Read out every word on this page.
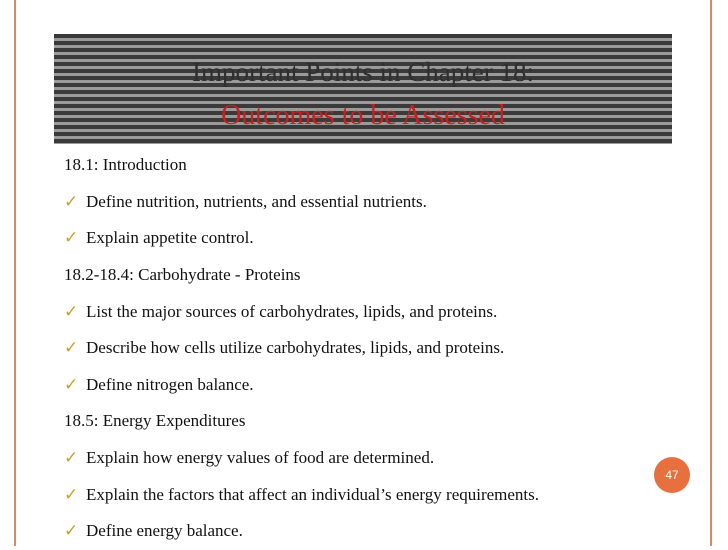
Important Points in Chapter 18:
Outcomes to be Assessed
18.1: Introduction
✓ Define nutrition, nutrients, and essential nutrients.
✓ Explain appetite control.
18.2-18.4: Carbohydrate - Proteins
✓ List the major sources of carbohydrates, lipids, and proteins.
✓ Describe how cells utilize carbohydrates, lipids, and proteins.
✓ Define nitrogen balance.
18.5: Energy Expenditures
✓ Explain how energy values of food are determined.
✓ Explain the factors that affect an individual’s energy requirements.
✓ Define energy balance.
47
